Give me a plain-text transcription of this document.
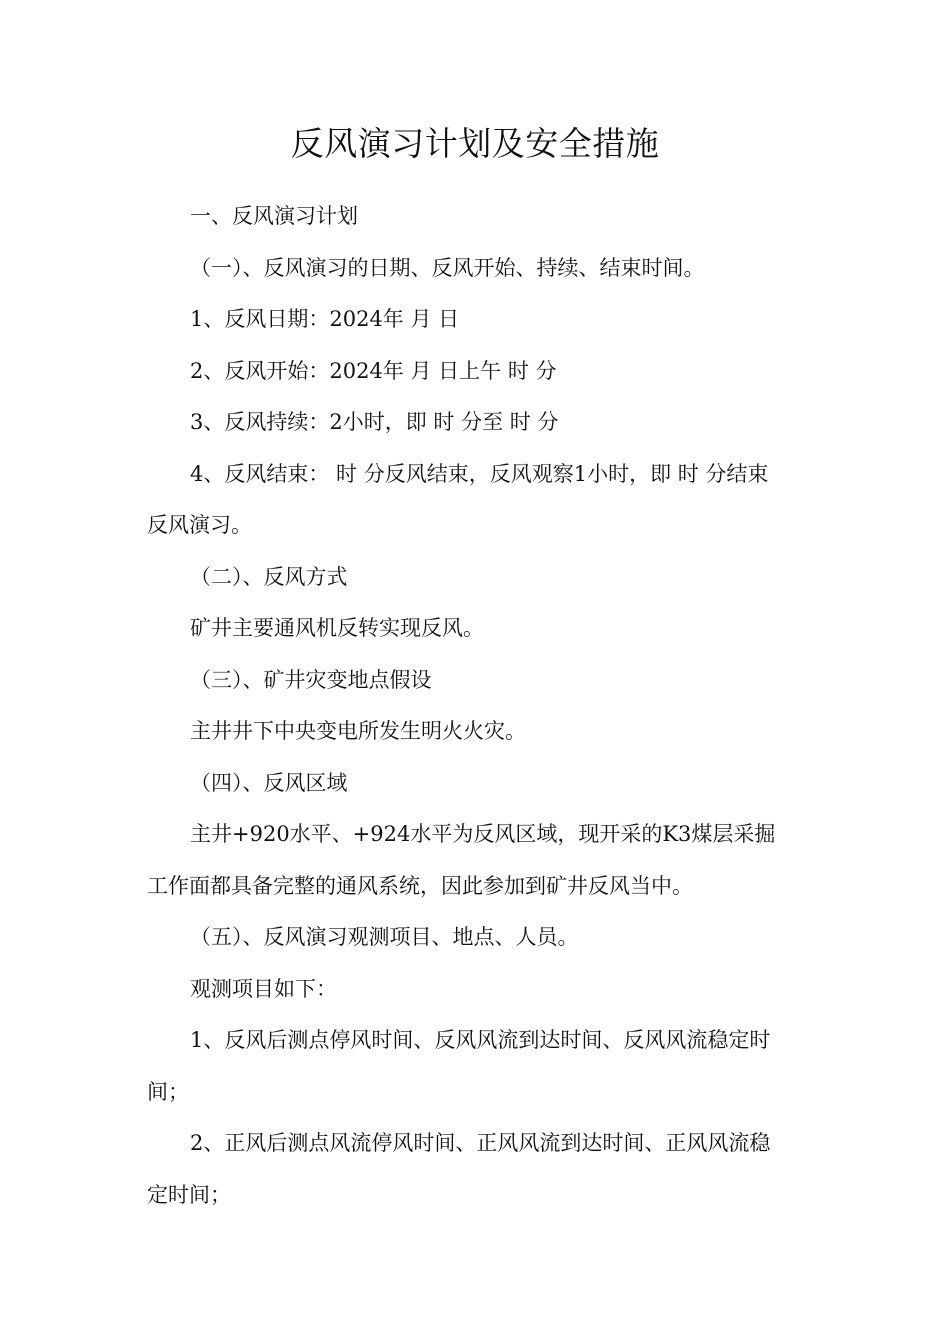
反风演习计划及安全措施

一、反风演习计划

（一）、反风演习的日期、反风开始、持续、结束时间。

1、反风日期：2024年 月 日

2、反风开始：2024年 月 日上午 时 分

3、反风持续：2小时，即 时 分至 时 分

4、反风结束： 时 分反风结束，反风观察1小时，即 时 分结束

反风演习。

（二）、反风方式

矿井主要通风机反转实现反风。

（三）、矿井灾变地点假设

主井井下中央变电所发生明火火灾。

（四）、反风区域

主井+920水平、+924水平为反风区域，现开采的K3煤层采掘

工作面都具备完整的通风系统，因此参加到矿井反风当中。

（五）、反风演习观测项目、地点、人员。

观测项目如下：

1、反风后测点停风时间、反风风流到达时间、反风风流稳定时

间；

2、正风后测点风流停风时间、正风风流到达时间、正风风流稳

定时间；
